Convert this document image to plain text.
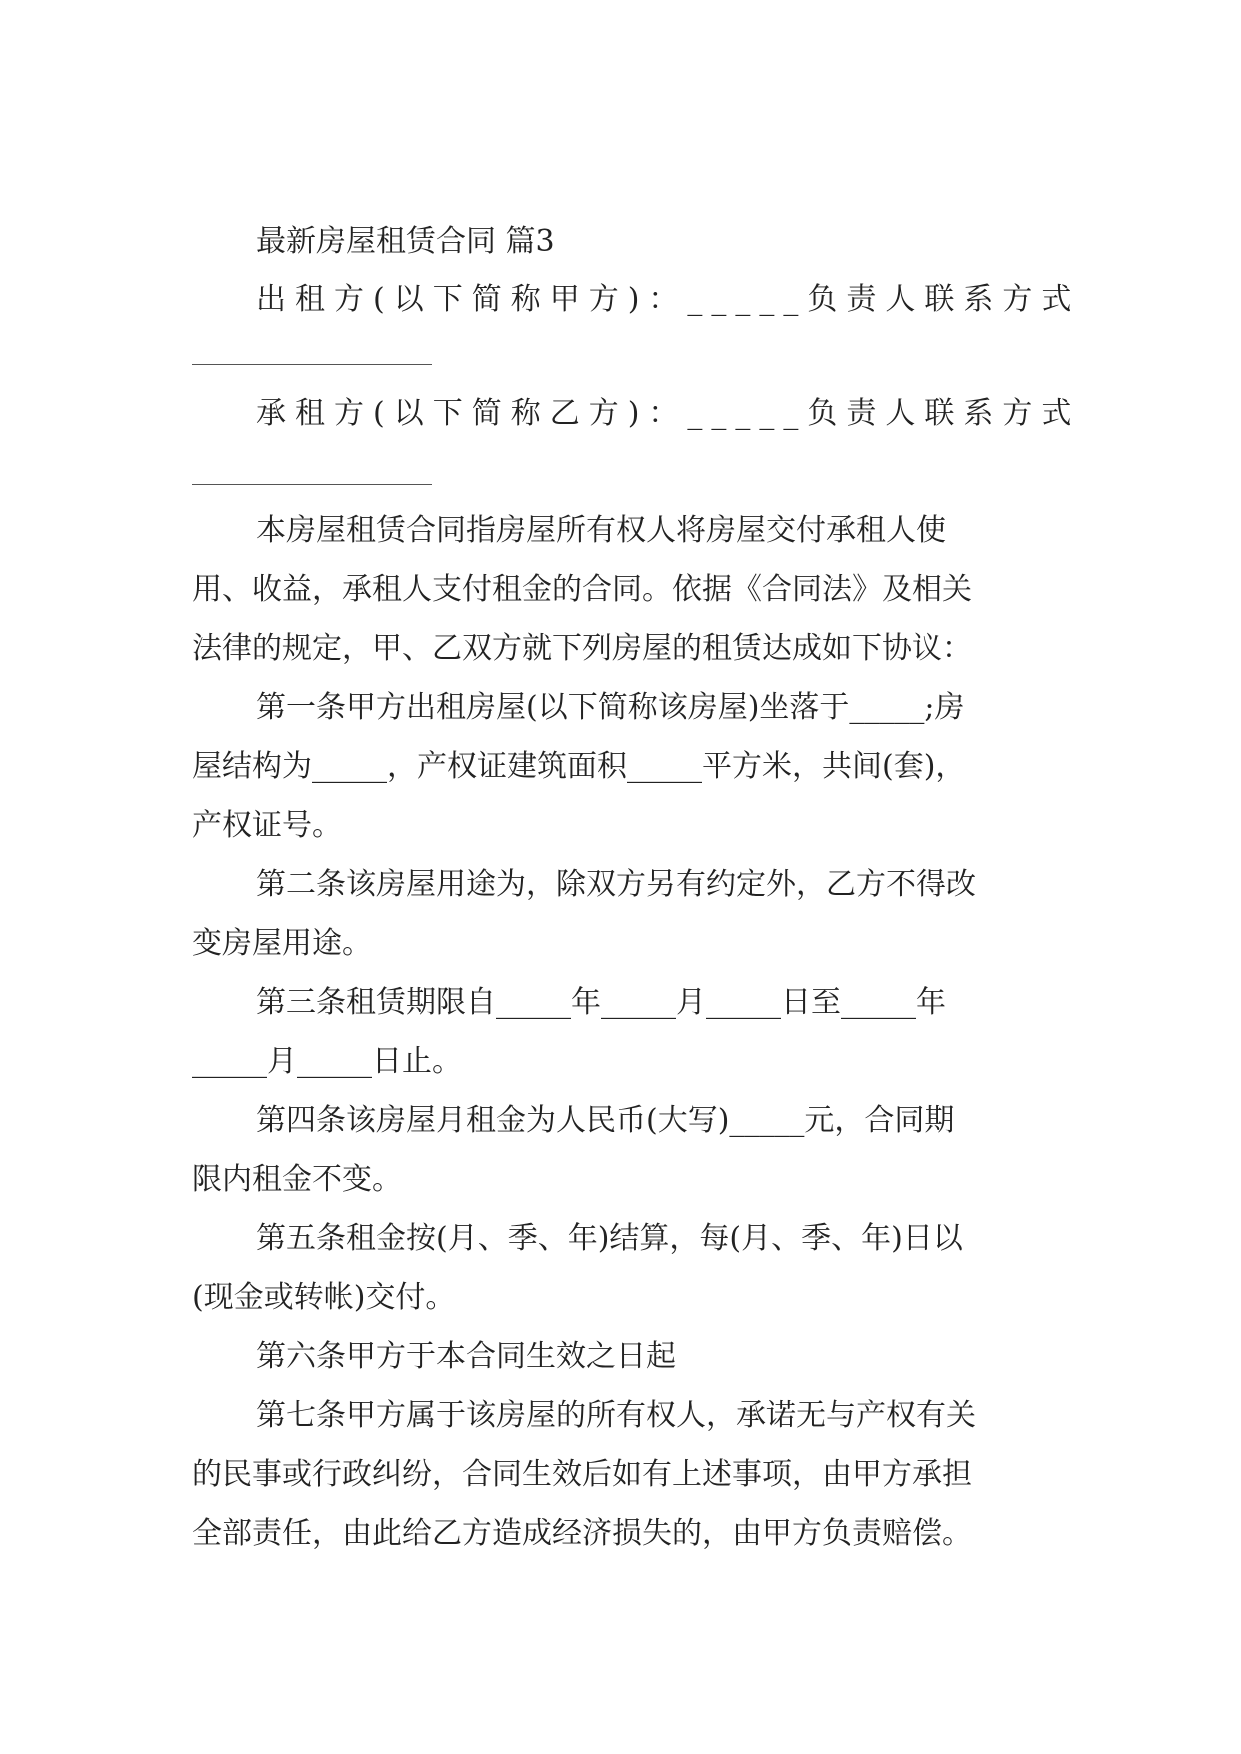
最新房屋租赁合同 篇3
出租方(以下简称甲方)：_____负责人联系方式
承租方(以下简称乙方)：_____负责人联系方式
本房屋租赁合同指房屋所有权人将房屋交付承租人使
用、收益，承租人支付租金的合同。依据《合同法》及相关
法律的规定，甲、乙双方就下列房屋的租赁达成如下协议：
第一条甲方出租房屋(以下简称该房屋)坐落于_____;房
屋结构为_____，产权证建筑面积_____平方米，共间(套)，
产权证号。
第二条该房屋用途为，除双方另有约定外，乙方不得改
变房屋用途。
第三条租赁期限自_____年_____月_____日至_____年
_____月_____日止。
第四条该房屋月租金为人民币(大写)_____元，合同期
限内租金不变。
第五条租金按(月、季、年)结算，每(月、季、年)日以
(现金或转帐)交付。
第六条甲方于本合同生效之日起
第七条甲方属于该房屋的所有权人，承诺无与产权有关
的民事或行政纠纷，合同生效后如有上述事项，由甲方承担
全部责任，由此给乙方造成经济损失的，由甲方负责赔偿。
